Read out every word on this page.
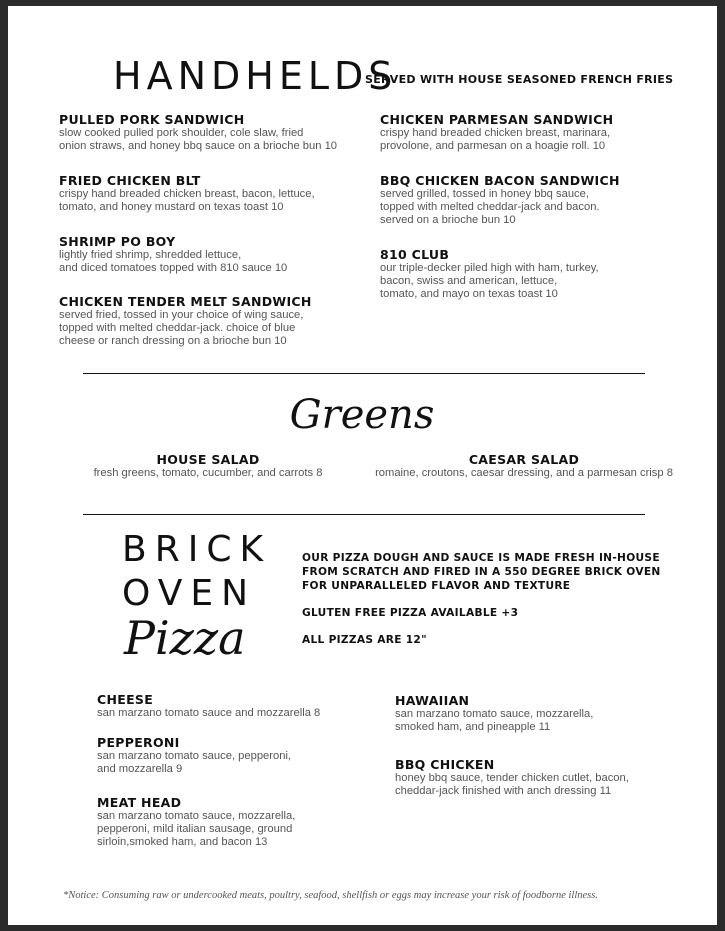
HANDHELDS
SERVED WITH HOUSE SEASONED FRENCH FRIES

PULLED PORK SANDWICH

slow cooked pulled pork shoulder, cole slaw, fried
onion straws, and honey bbq sauce on a brioche bun 10

FRIED CHICKEN BLT

crispy hand breaded chicken breast, bacon, lettuce,
tomato, and honey mustard on texas toast 10

SHRIMP PO BOY

lightly fried shrimp, shredded lettuce,
and diced tomatoes topped with 810 sauce 10

CHICKEN TENDER MELT SANDWICH

served fried, tossed in your choice of wing sauce,
topped with melted cheddar-jack. choice of blue
cheese or ranch dressing on a brioche bun 10

CHICKEN PARMESAN SANDWICH

crispy hand breaded chicken breast, marinara,
provolone, and parmesan on a hoagie roll. 10

BBQ CHICKEN BACON SANDWICH

served grilled, tossed in honey bbq sauce,
topped with melted cheddar-jack and bacon.
served on a brioche bun 10

810 CLUB

our triple-decker piled high with ham, turkey,
bacon, swiss and american, lettuce,
tomato, and mayo on texas toast 10

Greens

HOUSE SALAD

fresh greens, tomato, cucumber, and carrots 8

CAESAR SALAD

romaine, croutons, caesar dressing, and a parmesan crisp 8

BRICK
OVEN
Pizza
OUR PIZZA DOUGH AND SAUCE IS MADE FRESH IN-HOUSE
FROM SCRATCH AND FIRED IN A 550 DEGREE BRICK OVEN
FOR UNPARALLELED FLAVOR AND TEXTURE
GLUTEN FREE PIZZA AVAILABLE +3
ALL PIZZAS ARE 12"

CHEESE

san marzano tomato sauce and mozzarella 8

PEPPERONI

san marzano tomato sauce, pepperoni,
and mozzarella 9

MEAT HEAD

san marzano tomato sauce, mozzarella,
pepperoni, mild italian sausage, ground
sirloin,smoked ham, and bacon 13

HAWAIIAN

san marzano tomato sauce, mozzarella,
smoked ham, and pineapple 11

BBQ CHICKEN

honey bbq sauce, tender chicken cutlet, bacon,
cheddar-jack finished with anch dressing 11

*Notice: Consuming raw or undercooked meats, poultry, seafood, shellfish or eggs may increase your risk of foodborne illness.
